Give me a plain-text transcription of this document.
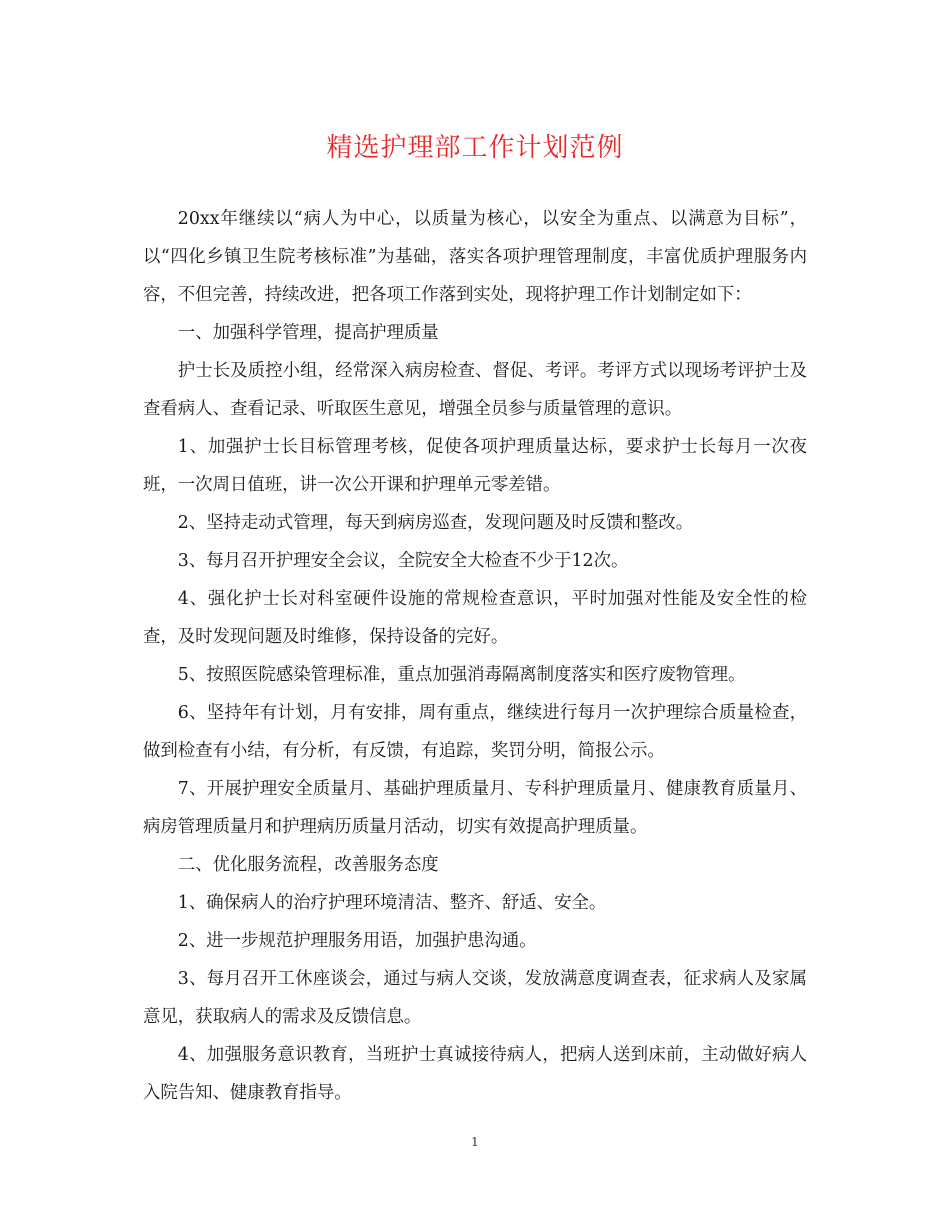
精选护理部工作计划范例

20xx年继续以“病人为中心，以质量为核心，以安全为重点、以满意为目标”，以“四化乡镇卫生院考核标准”为基础，落实各项护理管理制度，丰富优质护理服务内容，不但完善，持续改进，把各项工作落到实处，现将护理工作计划制定如下：

一、加强科学管理，提高护理质量

护士长及质控小组，经常深入病房检查、督促、考评。考评方式以现场考评护士及查看病人、查看记录、听取医生意见，增强全员参与质量管理的意识。

1、加强护士长目标管理考核，促使各项护理质量达标，要求护士长每月一次夜班，一次周日值班，讲一次公开课和护理单元零差错。

2、坚持走动式管理，每天到病房巡查，发现问题及时反馈和整改。

3、每月召开护理安全会议，全院安全大检查不少于12次。

4、强化护士长对科室硬件设施的常规检查意识，平时加强对性能及安全性的检查，及时发现问题及时维修，保持设备的完好。

5、按照医院感染管理标准，重点加强消毒隔离制度落实和医疗废物管理。

6、坚持年有计划，月有安排，周有重点，继续进行每月一次护理综合质量检查，做到检查有小结，有分析，有反馈，有追踪，奖罚分明，简报公示。

7、开展护理安全质量月、基础护理质量月、专科护理质量月、健康教育质量月、病房管理质量月和护理病历质量月活动，切实有效提高护理质量。

二、优化服务流程，改善服务态度

1、确保病人的治疗护理环境清洁、整齐、舒适、安全。

2、进一步规范护理服务用语，加强护患沟通。

3、每月召开工休座谈会，通过与病人交谈，发放满意度调查表，征求病人及家属意见，获取病人的需求及反馈信息。

4、加强服务意识教育，当班护士真诚接待病人，把病人送到床前，主动做好病人入院告知、健康教育指导。

1
